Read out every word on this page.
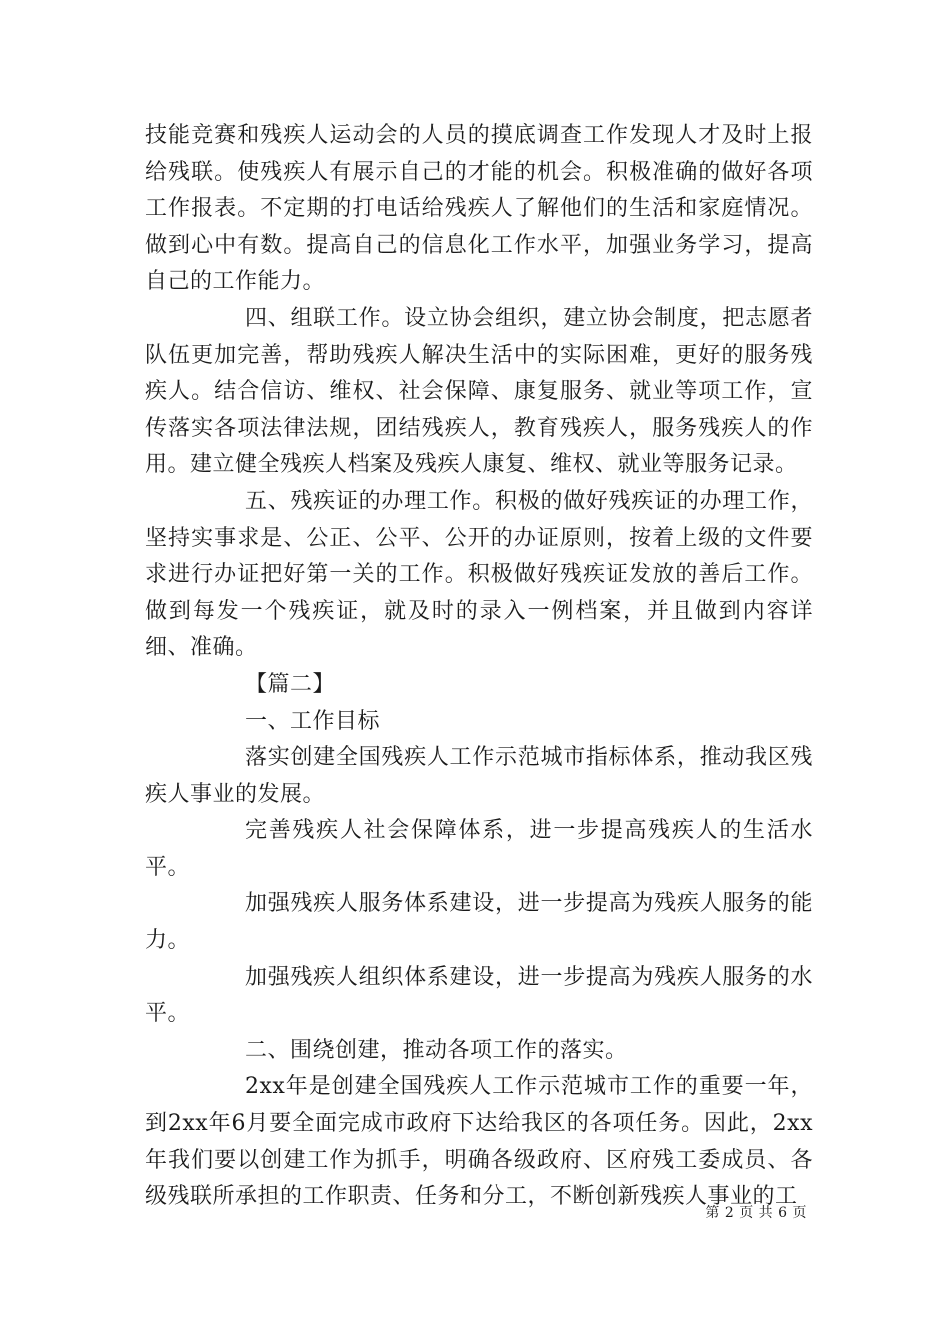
技能竞赛和残疾人运动会的人员的摸底调查工作发现人才及时上报给残联。使残疾人有展示自己的才能的机会。积极准确的做好各项工作报表。不定期的打电话给残疾人了解他们的生活和家庭情况。做到心中有数。提高自己的信息化工作水平，加强业务学习，提高自己的工作能力。

四、组联工作。设立协会组织，建立协会制度，把志愿者队伍更加完善，帮助残疾人解决生活中的实际困难，更好的服务残疾人。结合信访、维权、社会保障、康复服务、就业等项工作，宣传落实各项法律法规，团结残疾人，教育残疾人，服务残疾人的作用。建立健全残疾人档案及残疾人康复、维权、就业等服务记录。

五、残疾证的办理工作。积极的做好残疾证的办理工作，坚持实事求是、公正、公平、公开的办证原则，按着上级的文件要求进行办证把好第一关的工作。积极做好残疾证发放的善后工作。做到每发一个残疾证，就及时的录入一例档案，并且做到内容详细、准确。

【篇二】

一、工作目标

落实创建全国残疾人工作示范城市指标体系，推动我区残疾人事业的发展。

完善残疾人社会保障体系，进一步提高残疾人的生活水平。

加强残疾人服务体系建设，进一步提高为残疾人服务的能力。

加强残疾人组织体系建设，进一步提高为残疾人服务的水平。

二、围绕创建，推动各项工作的落实。

2xx年是创建全国残疾人工作示范城市工作的重要一年，到2xx年6月要全面完成市政府下达给我区的各项任务。因此，2xx年我们要以创建工作为抓手，明确各级政府、区府残工委成员、各级残联所承担的工作职责、任务和分工，不断创新残疾人事业的工

第 2 页 共 6 页
